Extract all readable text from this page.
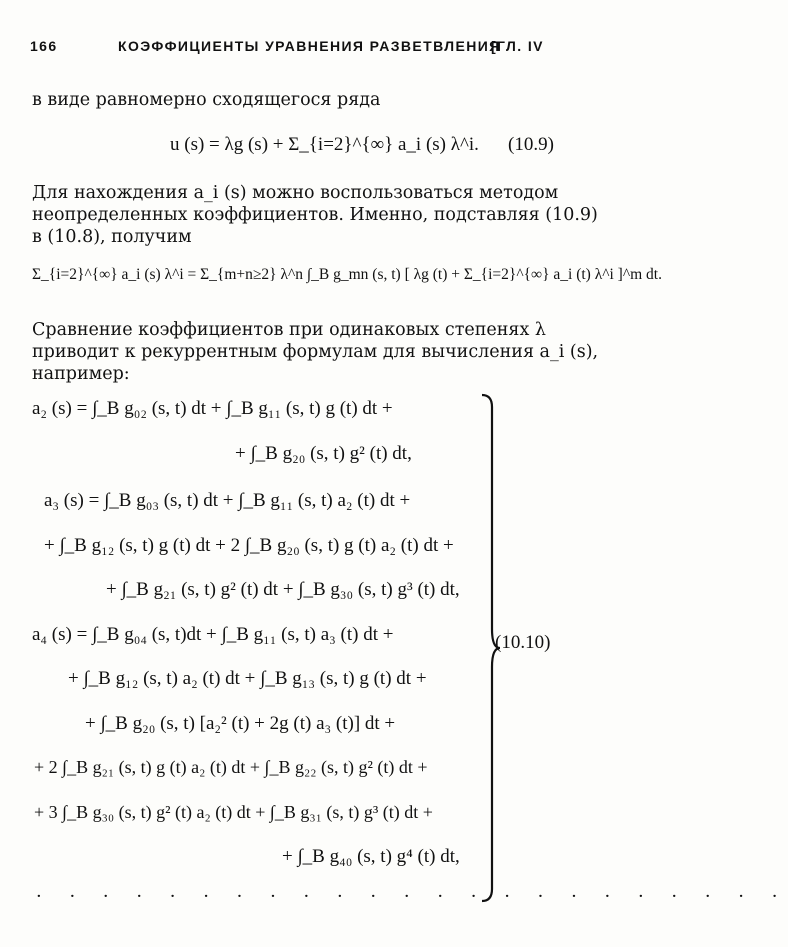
166	КОЭФФИЦИЕНТЫ УРАВНЕНИЯ РАЗВЕТВЛЕНИЯ
[ГЛ. IV
в виде равномерно сходящегося ряда
u (s) = λg (s) + Σ_{i=2}^{∞} a_i (s) λ^i. (10.9)
Для нахождения a_i (s) можно воспользоваться методом
неопределенных коэффициентов. Именно, подставляя (10.9)
в (10.8), получим
Σ_{i=2}^{∞} a_i (s) λ^i = Σ_{m+n≥2} λ^n ∫_B g_mn (s, t) [ λg (t) + Σ_{i=2}^{∞} a_i (t) λ^i ]^m dt.
Сравнение коэффициентов при одинаковых степенях λ
приводит к рекуррентным формулам для вычисления a_i (s),
например:
a₂ (s) = ∫_B g₀₂ (s, t) dt + ∫_B g₁₁ (s, t) g (t) dt +
+ ∫_B g₂₀ (s, t) g² (t) dt,
a₃ (s) = ∫_B g₀₃ (s, t) dt + ∫_B g₁₁ (s, t) a₂ (t) dt +
+ ∫_B g₁₂ (s, t) g (t) dt + 2 ∫_B g₂₀ (s, t) g (t) a₂ (t) dt +
+ ∫_B g₂₁ (s, t) g² (t) dt + ∫_B g₃₀ (s, t) g³ (t) dt,
a₄ (s) = ∫_B g₀₄ (s, t)dt + ∫_B g₁₁ (s, t) a₃ (t) dt +
+ ∫_B g₁₂ (s, t) a₂ (t) dt + ∫_B g₁₃ (s, t) g (t) dt +
+ ∫_B g₂₀ (s, t) [a₂² (t) + 2g (t) a₃ (t)] dt +
+ 2 ∫_B g₂₁ (s, t) g (t) a₂ (t) dt + ∫_B g₂₂ (s, t) g² (t) dt +
+ 3 ∫_B g₃₀ (s, t) g² (t) a₂ (t) dt + ∫_B g₃₁ (s, t) g³ (t) dt +
+ ∫_B g₄₀ (s, t) g⁴ (t) dt,
· · · · · · · · · · · · · · · · · · · · · · ·
(10.10)
